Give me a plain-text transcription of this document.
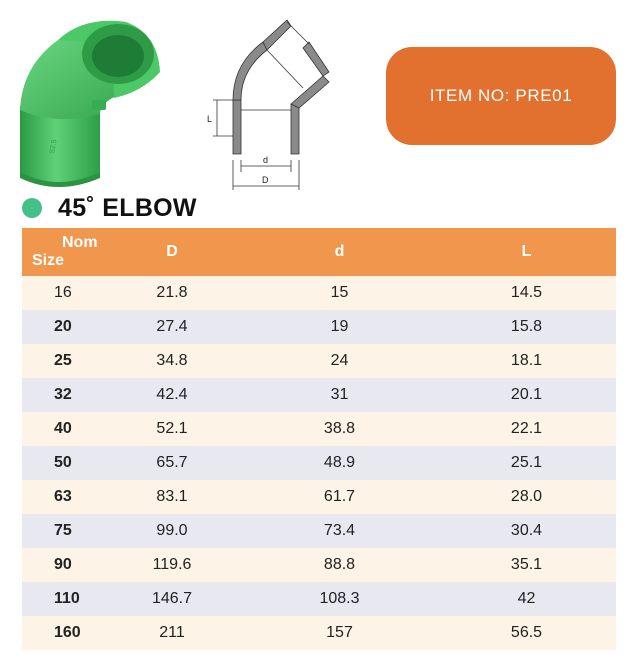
S2.5
L
d
D
ITEM NO: PRE01
45˚ ELBOW
Nom
Size
D	d	L
16	21.8	15	14.5
20	27.4	19	15.8
25	34.8	24	18.1
32	42.4	31	20.1
40	52.1	38.8	22.1
50	65.7	48.9	25.1
63	83.1	61.7	28.0
75	99.0	73.4	30.4
90	119.6	88.8	35.1
110	146.7	108.3	42
160	211	157	56.5
